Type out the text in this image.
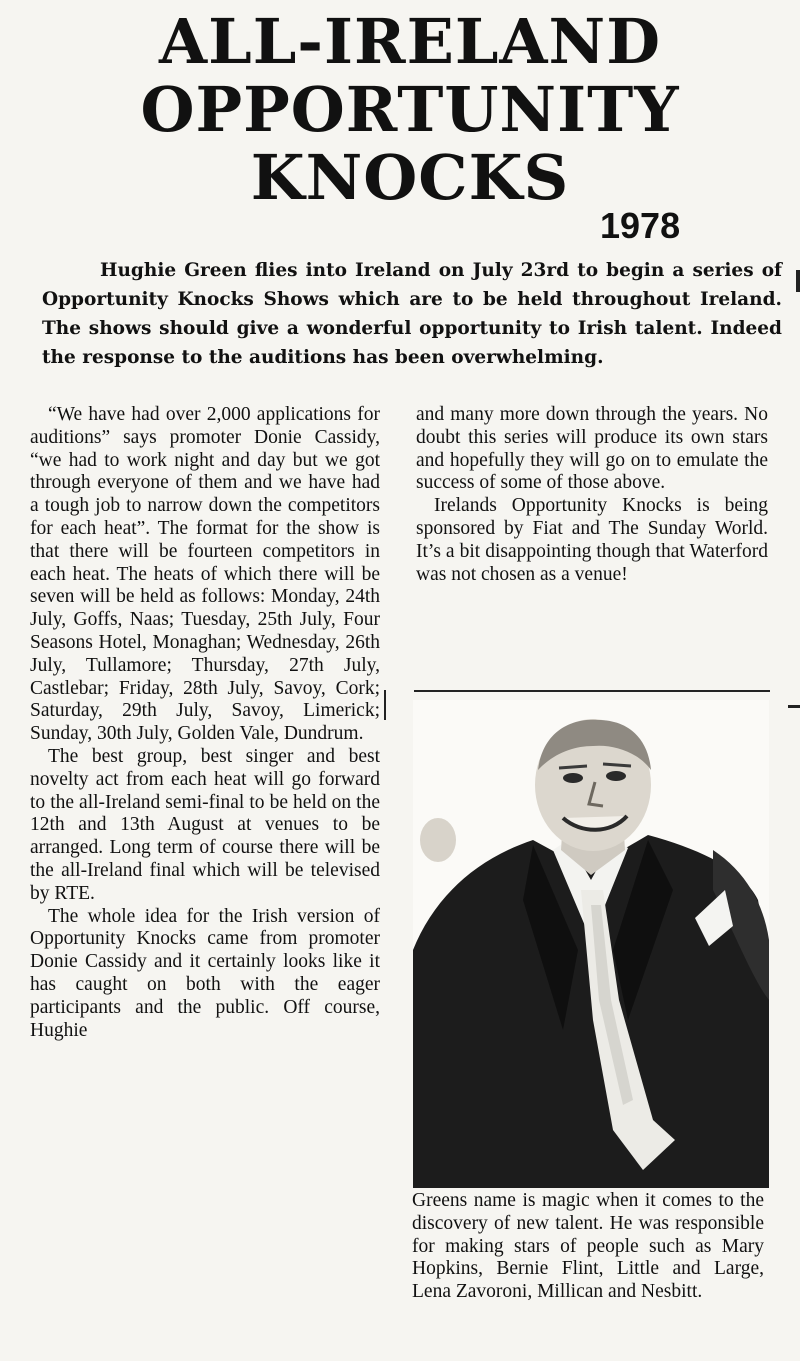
ALL-IRELAND
OPPORTUNITY
KNOCKS
1978

Hughie Green flies into Ireland on July 23rd to begin a series of Opportunity Knocks Shows which are to be held throughout Ireland. The shows should give a wonderful opportunity to Irish talent. Indeed the response to the auditions has been overwhelming.

“We have had over 2,000 applications for auditions” says promoter Donie Cassidy, “we had to work night and day but we got through everyone of them and we have had a tough job to narrow down the competitors for each heat”. The format for the show is that there will be fourteen competitors in each heat. The heats of which there will be seven will be held as follows: Monday, 24th July, Goffs, Naas; Tuesday, 25th July, Four Seasons Hotel, Monaghan; Wednesday, 26th July, Tullamore; Thursday, 27th July, Castlebar; Friday, 28th July, Savoy, Cork; Saturday, 29th July, Savoy, Limerick; Sunday, 30th July, Golden Vale, Dundrum.

The best group, best singer and best novelty act from each heat will go forward to the all-Ireland semi-final to be held on the 12th and 13th August at venues to be arranged. Long term of course there will be the all-Ireland final which will be televised by RTE.

The whole idea for the Irish version of Opportunity Knocks came from promoter Donie Cassidy and it certainly looks like it has caught on both with the eager participants and the public. Off course, Hughie

and many more down through the years. No doubt this series will produce its own stars and hopefully they will go on to emulate the success of some of those above.

Irelands Opportunity Knocks is being sponsored by Fiat and The Sunday World. It’s a bit disappointing though that Waterford was not chosen as a venue!

Greens name is magic when it comes to the discovery of new talent. He was responsible for making stars of people such as Mary Hopkins, Bernie Flint, Little and Large, Lena Zavoroni, Millican and Nesbitt.
